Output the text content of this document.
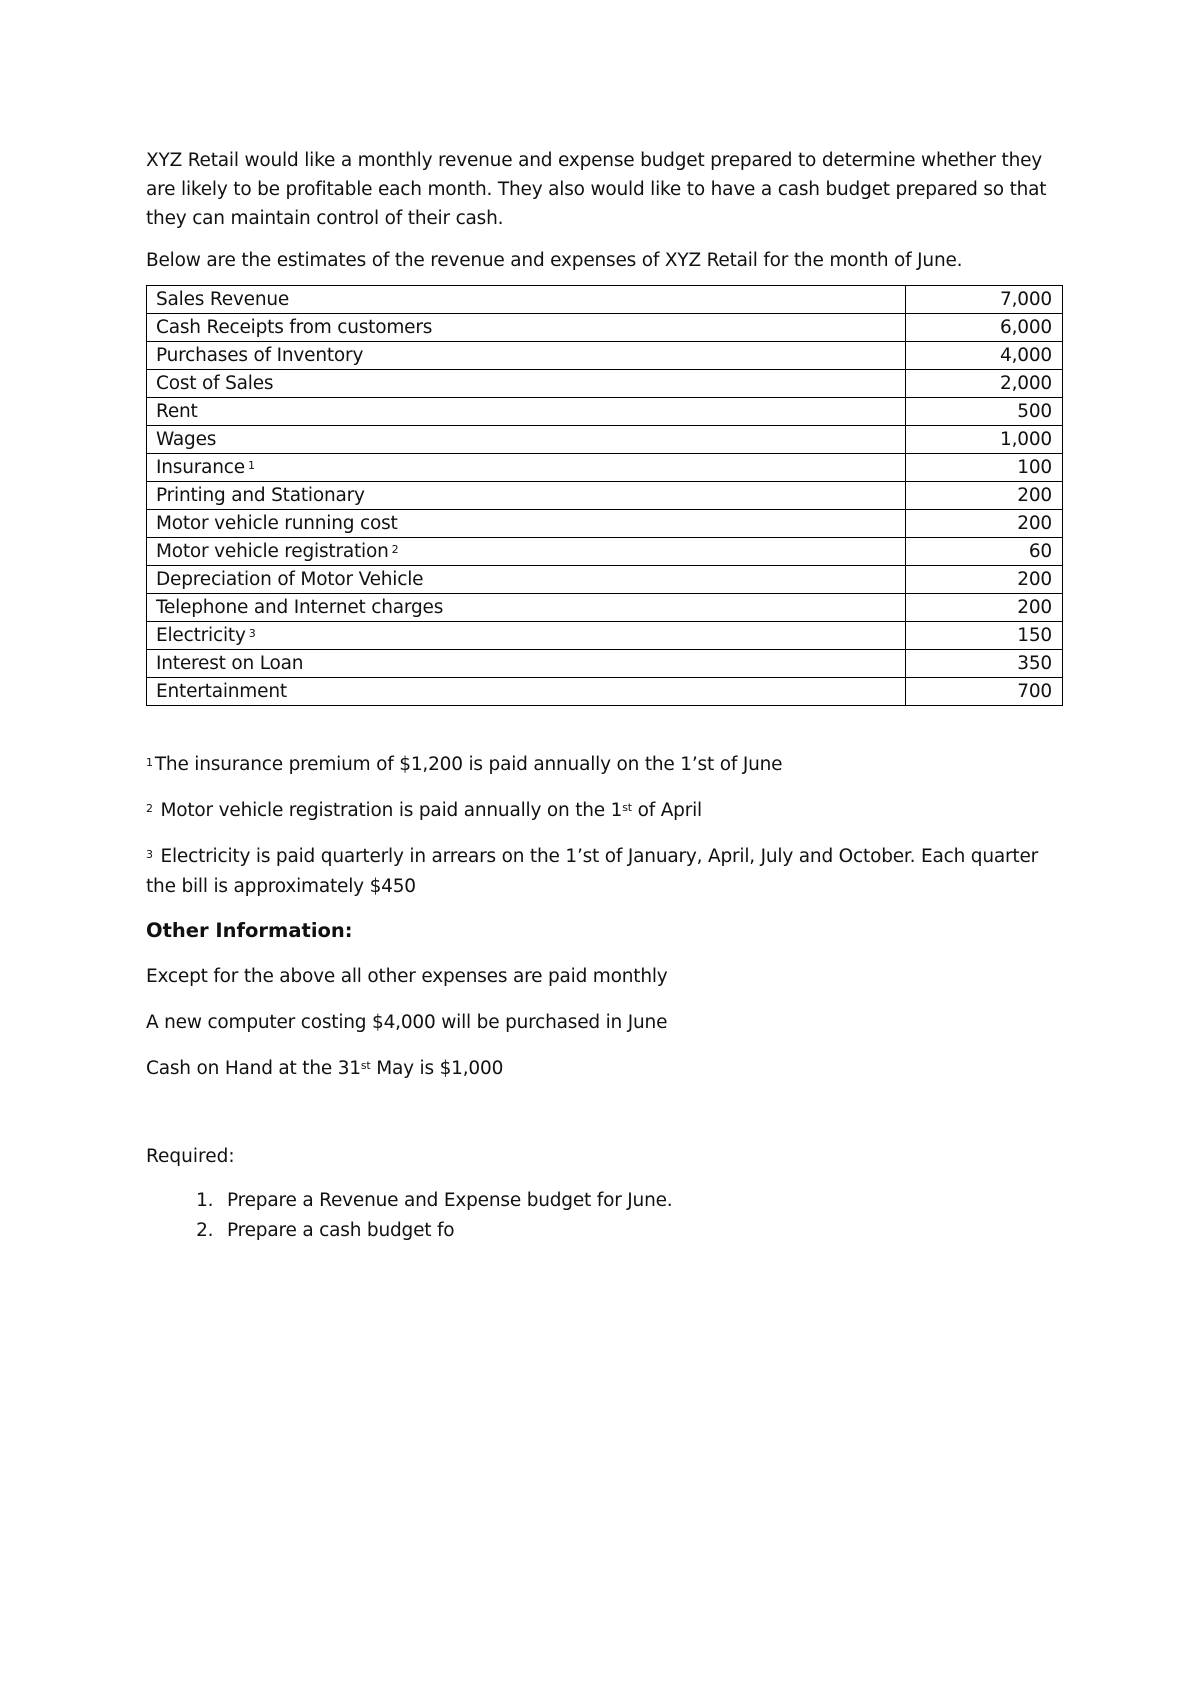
XYZ Retail would like a monthly revenue and expense budget prepared to determine whether they are likely to be profitable each month. They also would like to have a cash budget prepared so that they can maintain control of their cash.

Below are the estimates of the revenue and expenses of XYZ Retail for the month of June.

Sales Revenue	7,000
Cash Receipts from customers	6,000
Purchases of Inventory	4,000
Cost of Sales	2,000
Rent	500
Wages	1,000
Insurance $^1$	100
Printing and Stationary	200
Motor vehicle running cost	200
Motor vehicle registration $^2$	60
Depreciation of Motor Vehicle	200
Telephone and Internet charges	200
Electricity $^3$	150
Interest on Loan	350
Entertainment	700

$^1$ The insurance premium of $1,200 is paid annually on the 1’st of June

$^2$ Motor vehicle registration is paid annually on the 1st of April

$^3$ Electricity is paid quarterly in arrears on the 1’st of January, April, July and October. Each quarter the bill is approximately $450

Other Information:

Except for the above all other expenses are paid monthly

A new computer costing $4,000 will be purchased in June

Cash on Hand at the 31st May is $1,000

Required:

1. Prepare a Revenue and Expense budget for June.
2. Prepare a cash budget fo
